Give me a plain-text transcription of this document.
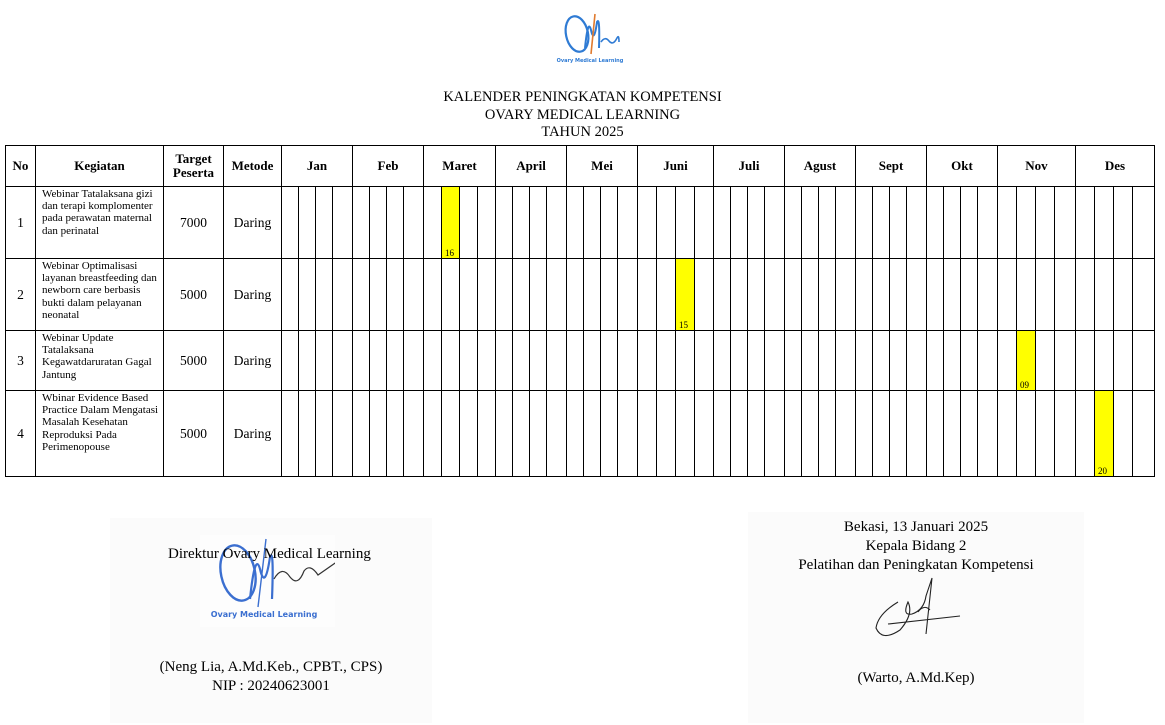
Ovary Medical Learning
KALENDER PENINGKATAN KOMPETENSI
OVARY MEDICAL LEARNING
TAHUN 2025
No	Kegiatan	Target Peserta	Metode	Jan				Feb				Maret				April				Mei				Juni				Juli				Agust				Sept				Okt				Nov				Des			
1	Webinar Tatalaksana gizi dan terapi komplomenter pada perawatan maternal dan perinatal	7000	Daring										16																																						

2	Webinar Optimalisasi layanan breastfeeding dan newborn care berbasis bukti dalam pelayanan neonatal	5000	Daring																							15																									

3	Webinar Update Tatalaksana Kegawatdaruratan Gagal Jantung	5000	Daring																																										09						

4	Wbinar Evidence Based Practice Dalam Mengatasi Masalah Kesehatan Reproduksi Pada Perimenopouse	5000	Daring																																														20		

Ovary Medical Learning
Direktur Ovary Medical Learning
(Neng Lia, A.Md.Keb., CPBT., CPS)
NIP : 20240623001
Bekasi, 13 Januari 2025
Kepala Bidang 2
Pelatihan dan Peningkatan Kompetensi
(Warto, A.Md.Kep)
